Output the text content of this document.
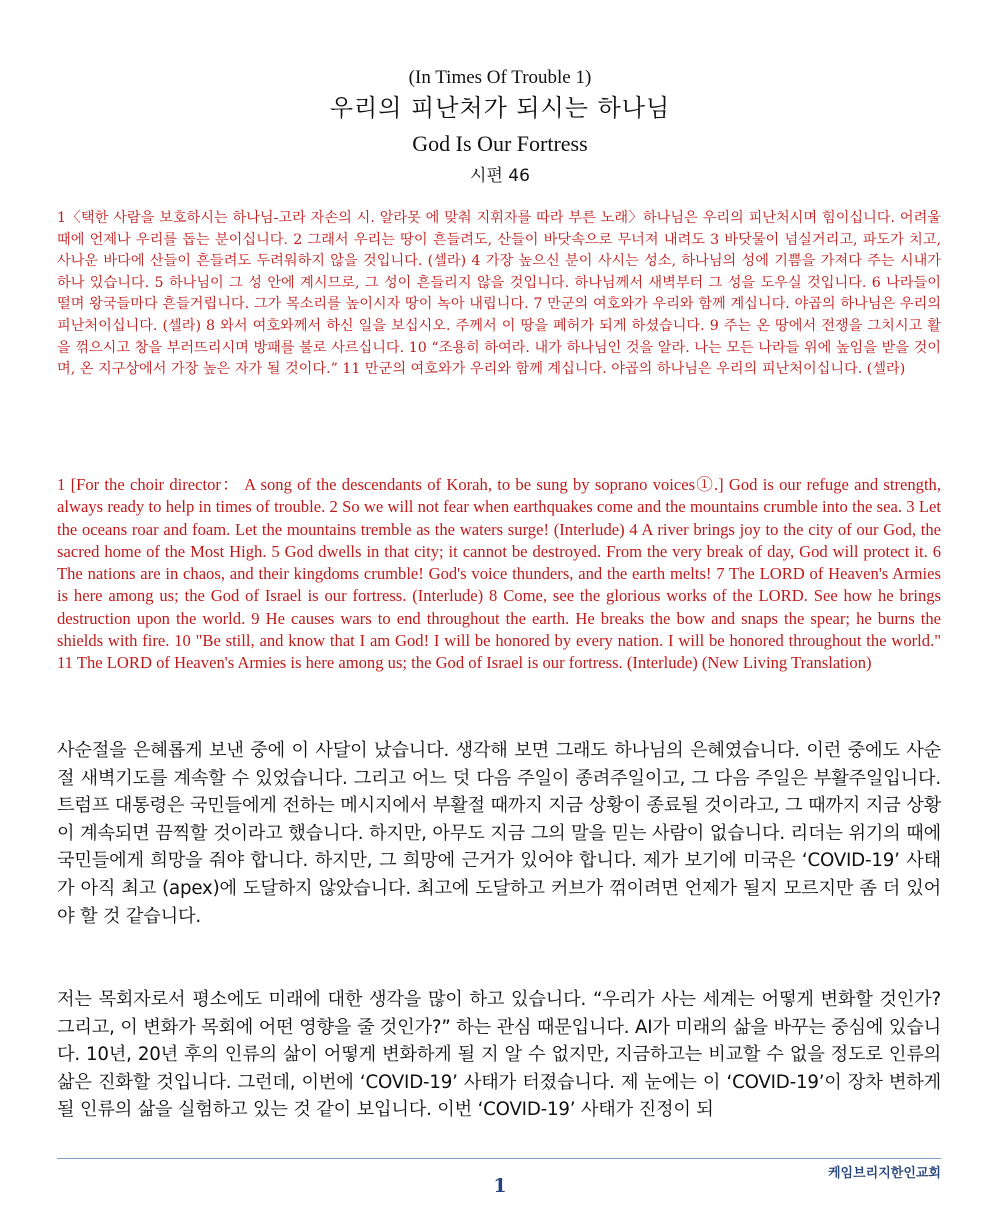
(In Times Of Trouble 1)
우리의 피난처가 되시는 하나님
God Is Our Fortress
시편 46

1〈택한 사람을 보호하시는 하나님-고라 자손의 시. 알라못 에 맞춰 지휘자를 따라 부른 노래〉하나님은 우리의 피난처시며 힘이십니다. 어려울 때에 언제나 우리를 돕는 분이십니다. 2 그래서 우리는 땅이 흔들려도, 산들이 바닷속으로 무너져 내려도 3 바닷물이 넘실거리고, 파도가 치고, 사나운 바다에 산들이 흔들려도 두려워하지 않을 것입니다. (셀라) 4 가장 높으신 분이 사시는 성소, 하나님의 성에 기쁨을 가져다 주는 시내가 하나 있습니다. 5 하나님이 그 성 안에 계시므로, 그 성이 흔들리지 않을 것입니다. 하나님께서 새벽부터 그 성을 도우실 것입니다. 6 나라들이 떨며 왕국들마다 흔들거립니다. 그가 목소리를 높이시자 땅이 녹아 내립니다. 7 만군의 여호와가 우리와 함께 계십니다. 야곱의 하나님은 우리의 피난처이십니다. (셀라) 8 와서 여호와께서 하신 일을 보십시오. 주께서 이 땅을 폐허가 되게 하셨습니다. 9 주는 온 땅에서 전쟁을 그치시고 활을 꺾으시고 창을 부러뜨리시며 방패를 불로 사르십니다. 10 “조용히 하여라. 내가 하나님인 것을 알라. 나는 모든 나라들 위에 높임을 받을 것이며, 온 지구상에서 가장 높은 자가 될 것이다.” 11 만군의 여호와가 우리와 함께 계십니다. 야곱의 하나님은 우리의 피난처이십니다. (셀라)

1 [For the choir director： A song of the descendants of Korah, to be sung by soprano voices①.] God is our refuge and strength, always ready to help in times of trouble. 2 So we will not fear when earthquakes come and the mountains crumble into the sea. 3 Let the oceans roar and foam. Let the mountains tremble as the waters surge! (Interlude) 4 A river brings joy to the city of our God, the sacred home of the Most High. 5 God dwells in that city; it cannot be destroyed. From the very break of day, God will protect it. 6 The nations are in chaos, and their kingdoms crumble! God's voice thunders, and the earth melts! 7 The LORD of Heaven's Armies is here among us; the God of Israel is our fortress. (Interlude) 8 Come, see the glorious works of the LORD. See how he brings destruction upon the world. 9 He causes wars to end throughout the earth. He breaks the bow and snaps the spear; he burns the shields with fire. 10 "Be still, and know that I am God! I will be honored by every nation. I will be honored throughout the world." 11 The LORD of Heaven's Armies is here among us; the God of Israel is our fortress. (Interlude) (New Living Translation)

사순절을 은혜롭게 보낸 중에 이 사달이 났습니다. 생각해 보면 그래도 하나님의 은혜였습니다. 이런 중에도 사순절 새벽기도를 계속할 수 있었습니다. 그리고 어느 덧 다음 주일이 종려주일이고, 그 다음 주일은 부활주일입니다. 트럼프 대통령은 국민들에게 전하는 메시지에서 부활절 때까지 지금 상황이 종료될 것이라고, 그 때까지 지금 상황이 계속되면 끔찍할 것이라고 했습니다. 하지만, 아무도 지금 그의 말을 믿는 사람이 없습니다. 리더는 위기의 때에 국민들에게 희망을 줘야 합니다. 하지만, 그 희망에 근거가 있어야 합니다. 제가 보기에 미국은 ‘COVID-19’ 사태가 아직 최고 (apex)에 도달하지 않았습니다. 최고에 도달하고 커브가 꺾이려면 언제가 될지 모르지만 좀 더 있어야 할 것 같습니다.

저는 목회자로서 평소에도 미래에 대한 생각을 많이 하고 있습니다. “우리가 사는 세계는 어떻게 변화할 것인가? 그리고, 이 변화가 목회에 어떤 영향을 줄 것인가?” 하는 관심 때문입니다. AI가 미래의 삶을 바꾸는 중심에 있습니다. 10년, 20년 후의 인류의 삶이 어떻게 변화하게 될 지 알 수 없지만, 지금하고는 비교할 수 없을 정도로 인류의 삶은 진화할 것입니다. 그런데, 이번에 ‘COVID-19’ 사태가 터졌습니다. 제 눈에는 이 ‘COVID-19’이 장차 변하게 될 인류의 삶을 실험하고 있는 것 같이 보입니다. 이번 ‘COVID-19’ 사태가 진정이 되

케임브리지한인교회
1
